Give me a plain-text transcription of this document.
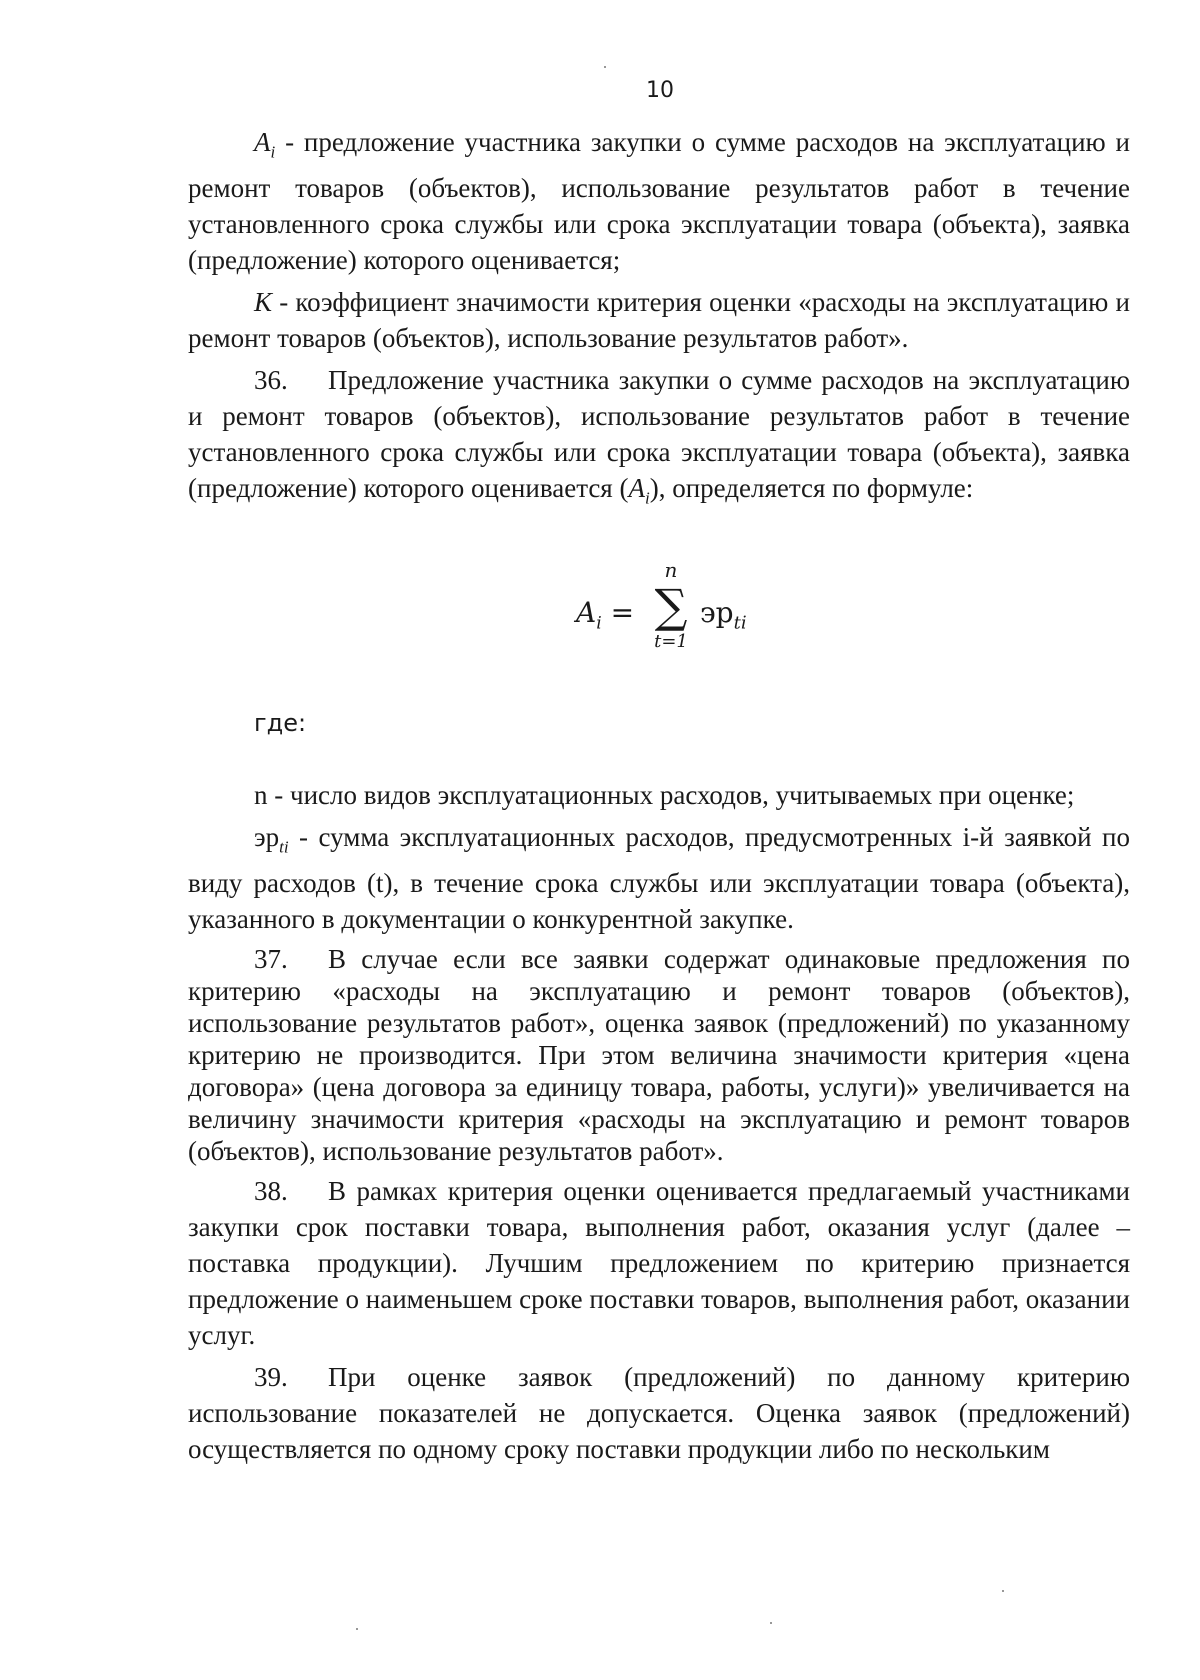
10

$A_i$ - предложение участника закупки о сумме расходов на эксплуатацию и ремонт товаров (объектов), использование результатов работ в течение установленного срока службы или срока эксплуатации товара (объекта), заявка (предложение) которого оценивается;

K - коэффициент значимости критерия оценки «расходы на эксплуатацию и ремонт товаров (объектов), использование результатов работ».

36. Предложение участника закупки о сумме расходов на эксплуатацию и ремонт товаров (объектов), использование результатов работ в течение установленного срока службы или срока эксплуатации товара (объекта), заявка (предложение) которого оценивается $(A_i)$, определяется по формуле:

$A_i$ =
n
∑
t=1
$эр_{ti}$
где:

n - число видов эксплуатационных расходов, учитываемых при оценке;

$эр_{ti}$ - сумма эксплуатационных расходов, предусмотренных i-й заявкой по виду расходов (t), в течение срока службы или эксплуатации товара (объекта), указанного в документации о конкурентной закупке.

37. В случае если все заявки содержат одинаковые предложения по критерию «расходы на эксплуатацию и ремонт товаров (объектов), использование результатов работ», оценка заявок (предложений) по указанному критерию не производится. При этом величина значимости критерия «цена договора» (цена договора за единицу товара, работы, услуги)» увеличивается на величину значимости критерия «расходы на эксплуатацию и ремонт товаров (объектов), использование результатов работ».

38. В рамках критерия оценки оценивается предлагаемый участниками закупки срок поставки товара, выполнения работ, оказания услуг (далее – поставка продукции). Лучшим предложением по критерию признается предложение о наименьшем сроке поставки товаров, выполнения работ, оказании услуг.

39. При оценке заявок (предложений) по данному критерию использование показателей не допускается. Оценка заявок (предложений) осуществляется по одному сроку поставки продукции либо по нескольким
